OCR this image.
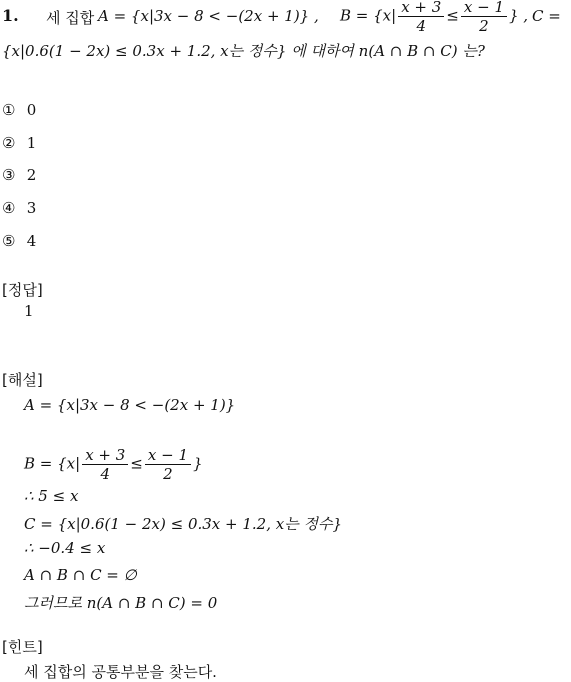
1. 세 집합 A = {x|3x − 8 < −(2x + 1)} , $B = \{x| \frac{x + 3}{4} \le \frac{x - 1}{2}$ } , C =
{x|0.6(1 − 2x) ≤ 0.3x + 1.2, x는 정수} 에 대하여 n(A ∩ B ∩ C) 는?
① 0
② 1
③ 2
④ 3
⑤ 4
[정답]
1
[해설]
A = {x|3x − 8 < −(2x + 1)}
$B = \{x| \frac{x + 3}{4} \le \frac{x - 1}{2}$ }
∴ 5 ≤ x
C = {x|0.6(1 − 2x) ≤ 0.3x + 1.2, x는 정수}
∴ −0.4 ≤ x
A ∩ B ∩ C = ∅
그러므로 n(A ∩ B ∩ C) = 0
[힌트]
세 집합의 공통부분을 찾는다.
